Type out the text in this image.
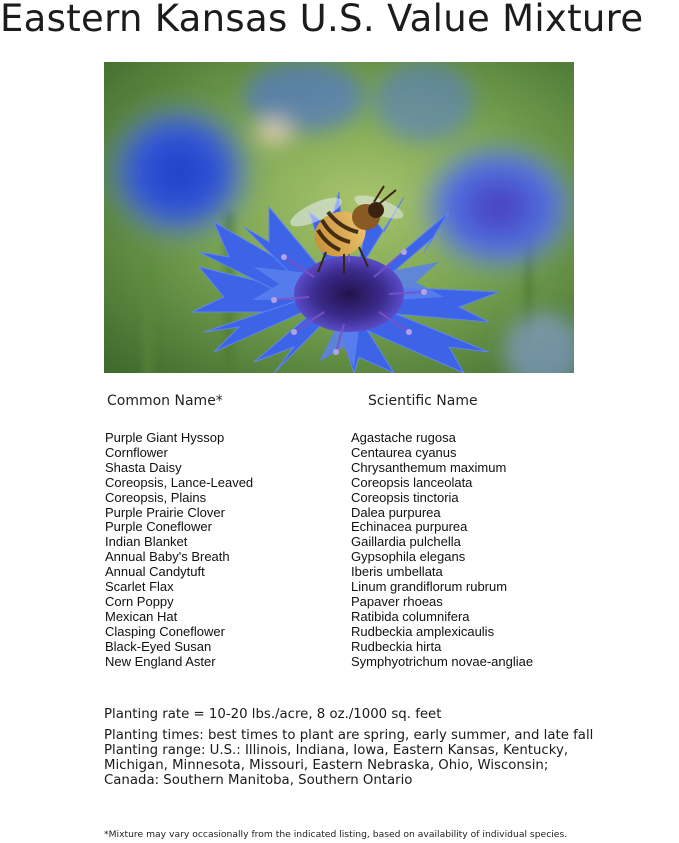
Eastern Kansas U.S. Value Mixture
Common Name*	Scientific Name
Purple Giant Hyssop
Cornflower
Shasta Daisy
Coreopsis, Lance-Leaved
Coreopsis, Plains
Purple Prairie Clover
Purple Coneflower
Indian Blanket
Annual Baby's Breath
Annual Candytuft
Scarlet Flax
Corn Poppy
Mexican Hat
Clasping Coneflower
Black-Eyed Susan
New England Aster
Agastache rugosa
Centaurea cyanus
Chrysanthemum maximum
Coreopsis lanceolata
Coreopsis tinctoria
Dalea purpurea
Echinacea purpurea
Gaillardia pulchella
Gypsophila elegans
Iberis umbellata
Linum grandiflorum rubrum
Papaver rhoeas
Ratibida columnifera
Rudbeckia amplexicaulis
Rudbeckia hirta
Symphyotrichum novae-angliae
Planting rate = 10-20 lbs./acre, 8 oz./1000 sq. feet
Planting times: best times to plant are spring, early summer, and late fall
Planting range: U.S.: Illinois, Indiana, Iowa, Eastern Kansas, Kentucky,
Michigan, Minnesota, Missouri, Eastern Nebraska, Ohio, Wisconsin;
Canada: Southern Manitoba, Southern Ontario
*Mixture may vary occasionally from the indicated listing, based on availability of individual species.
